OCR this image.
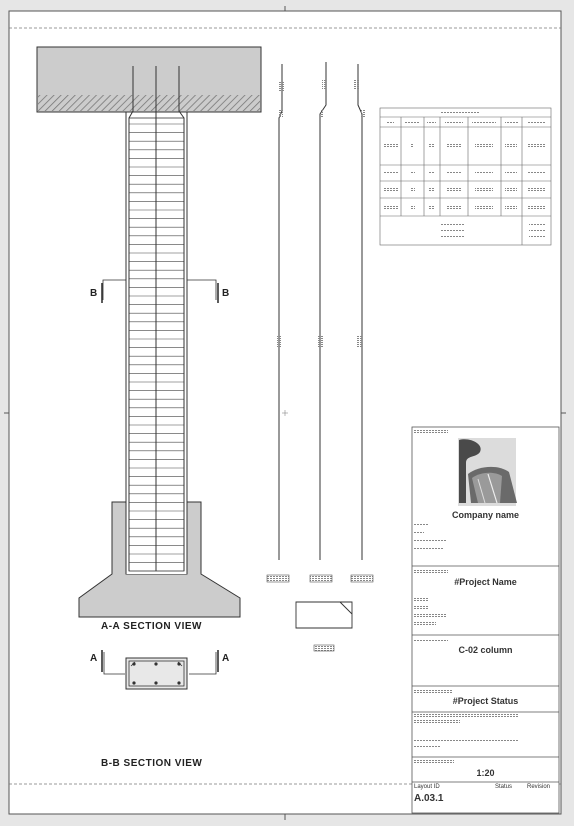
A-A SECTION VIEW
B-B SECTION VIEW
B	B
A	A
Company name
#Project Name
C-02 column
#Project Status
1:20
Layout ID	Status Revision
A.03.1
